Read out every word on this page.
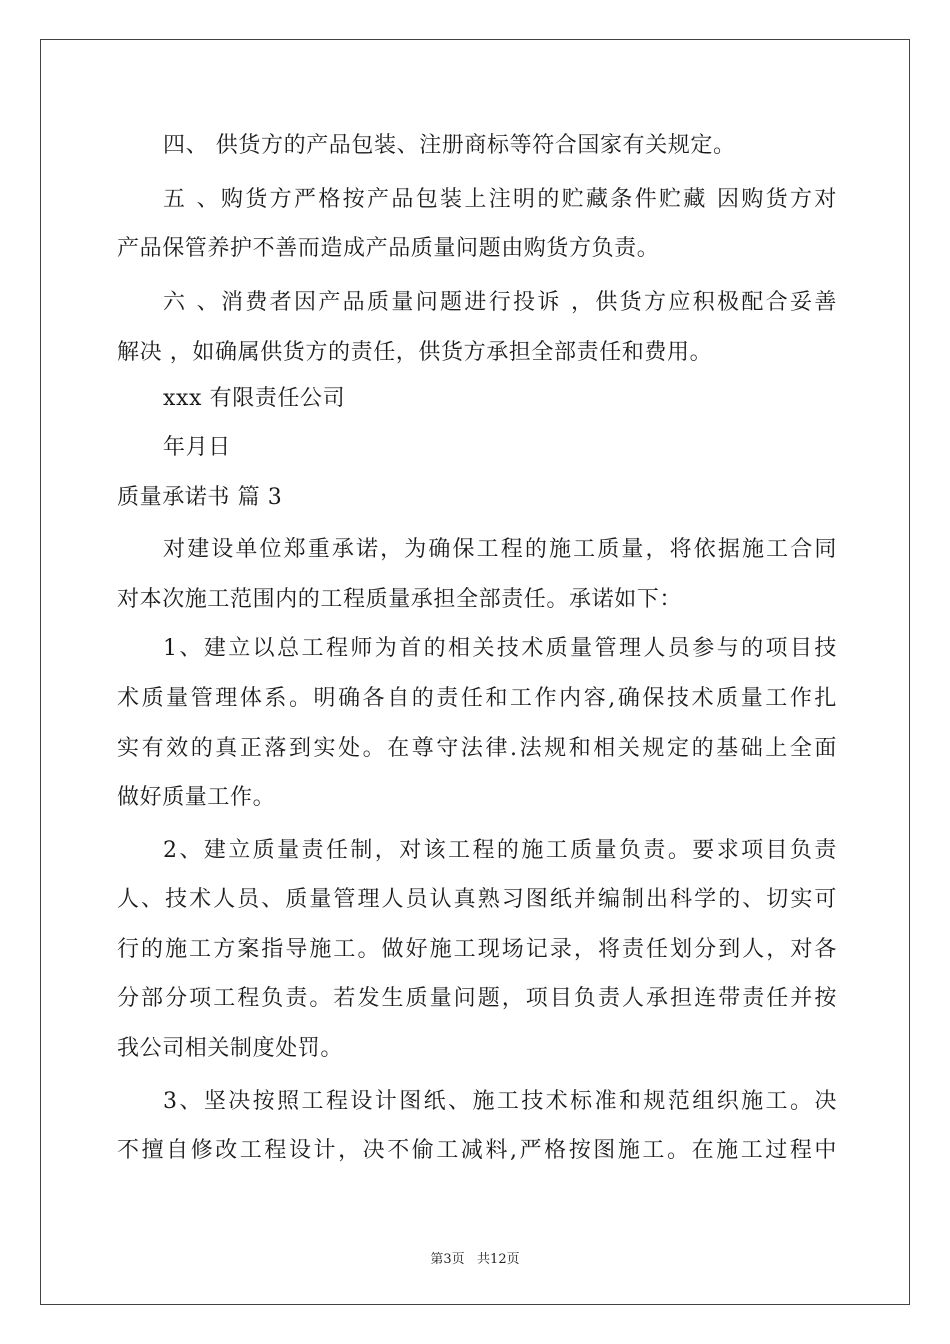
四、 供货方的产品包装、注册商标等符合国家有关规定。
五 、购货方严格按产品包装上注明的贮藏条件贮藏 因购货方对
产品保管养护不善而造成产品质量问题由购货方负责。
六 、消费者因产品质量问题进行投诉 ，供货方应积极配合妥善
解决 ，如确属供货方的责任，供货方承担全部责任和费用。
xxx 有限责任公司
年月日
质量承诺书 篇 3
对建设单位郑重承诺，为确保工程的施工质量，将依据施工合同
对本次施工范围内的工程质量承担全部责任。承诺如下：
1、建立以总工程师为首的相关技术质量管理人员参与的项目技
术质量管理体系。明确各自的责任和工作内容,确保技术质量工作扎
实有效的真正落到实处。在尊守法律.法规和相关规定的基础上全面
做好质量工作。
2、建立质量责任制，对该工程的施工质量负责。要求项目负责
人、技术人员、质量管理人员认真熟习图纸并编制出科学的、切实可
行的施工方案指导施工。做好施工现场记录，将责任划分到人，对各
分部分项工程负责。若发生质量问题，项目负责人承担连带责任并按
我公司相关制度处罚。
3、坚决按照工程设计图纸、施工技术标准和规范组织施工。决
不擅自修改工程设计，决不偷工减料,严格按图施工。在施工过程中
第3页   共12页
